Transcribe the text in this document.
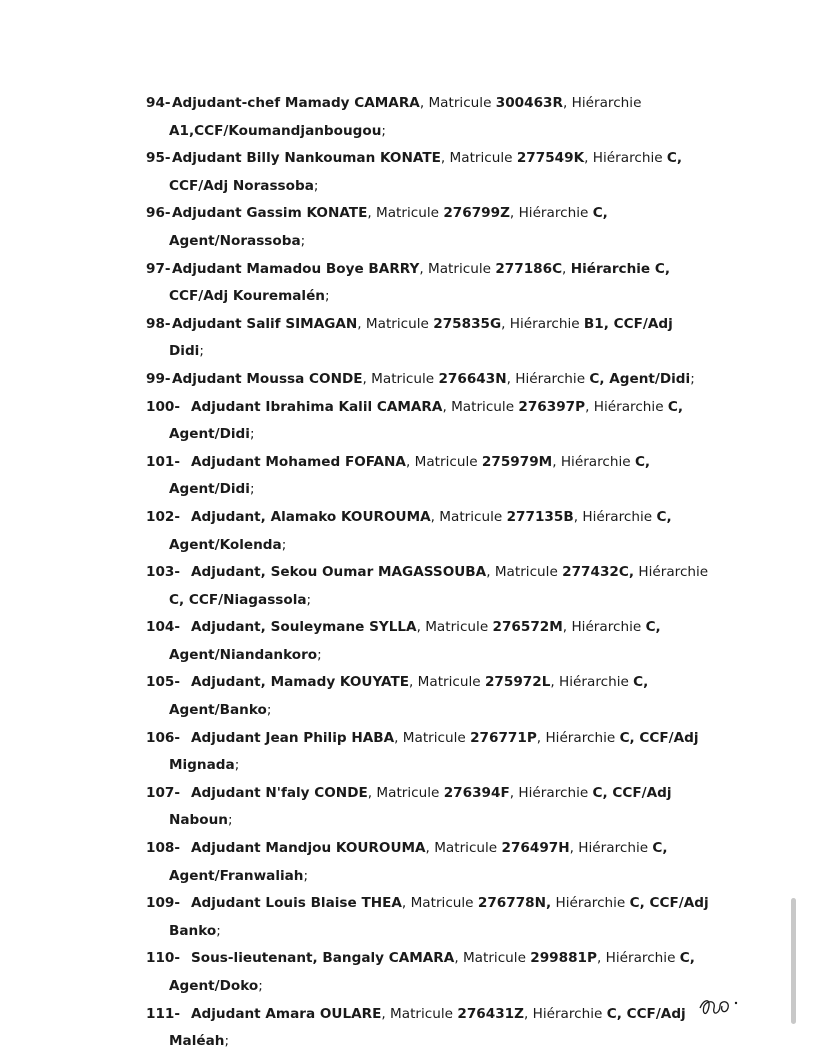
94- Adjudant-chef Mamady CAMARA, Matricule 300463R, Hiérarchie
A1,CCF/Koumandjanbougou;
95- Adjudant Billy Nankouman KONATE, Matricule 277549K, Hiérarchie C,
CCF/Adj Norassoba;
96- Adjudant Gassim KONATE, Matricule 276799Z, Hiérarchie C,
Agent/Norassoba;
97- Adjudant Mamadou Boye BARRY, Matricule 277186C, Hiérarchie C,
CCF/Adj Kouremalén;
98- Adjudant Salif SIMAGAN, Matricule 275835G, Hiérarchie B1, CCF/Adj Didi;
99- Adjudant Moussa CONDE, Matricule 276643N, Hiérarchie C, Agent/Didi;
100- Adjudant Ibrahima Kalil CAMARA, Matricule 276397P, Hiérarchie C,
Agent/Didi;
101- Adjudant Mohamed FOFANA, Matricule 275979M, Hiérarchie C,
Agent/Didi;
102- Adjudant, Alamako KOUROUMA, Matricule 277135B, Hiérarchie C,
Agent/Kolenda;
103- Adjudant, Sekou Oumar MAGASSOUBA, Matricule 277432C, Hiérarchie
C, CCF/Niagassola;
104- Adjudant, Souleymane SYLLA, Matricule 276572M, Hiérarchie C,
Agent/Niandankoro;
105- Adjudant, Mamady KOUYATE, Matricule 275972L, Hiérarchie C,
Agent/Banko;
106- Adjudant Jean Philip HABA, Matricule 276771P, Hiérarchie C, CCF/Adj
Mignada;
107- Adjudant N'faly CONDE, Matricule 276394F, Hiérarchie C, CCF/Adj
Naboun;
108- Adjudant Mandjou KOUROUMA, Matricule 276497H, Hiérarchie C,
Agent/Franwaliah;
109- Adjudant Louis Blaise THEA, Matricule 276778N, Hiérarchie C, CCF/Adj
Banko;
110- Sous-lieutenant, Bangaly CAMARA, Matricule 299881P, Hiérarchie C,
Agent/Doko;
111- Adjudant Amara OULARE, Matricule 276431Z, Hiérarchie C, CCF/Adj
Maléah;
